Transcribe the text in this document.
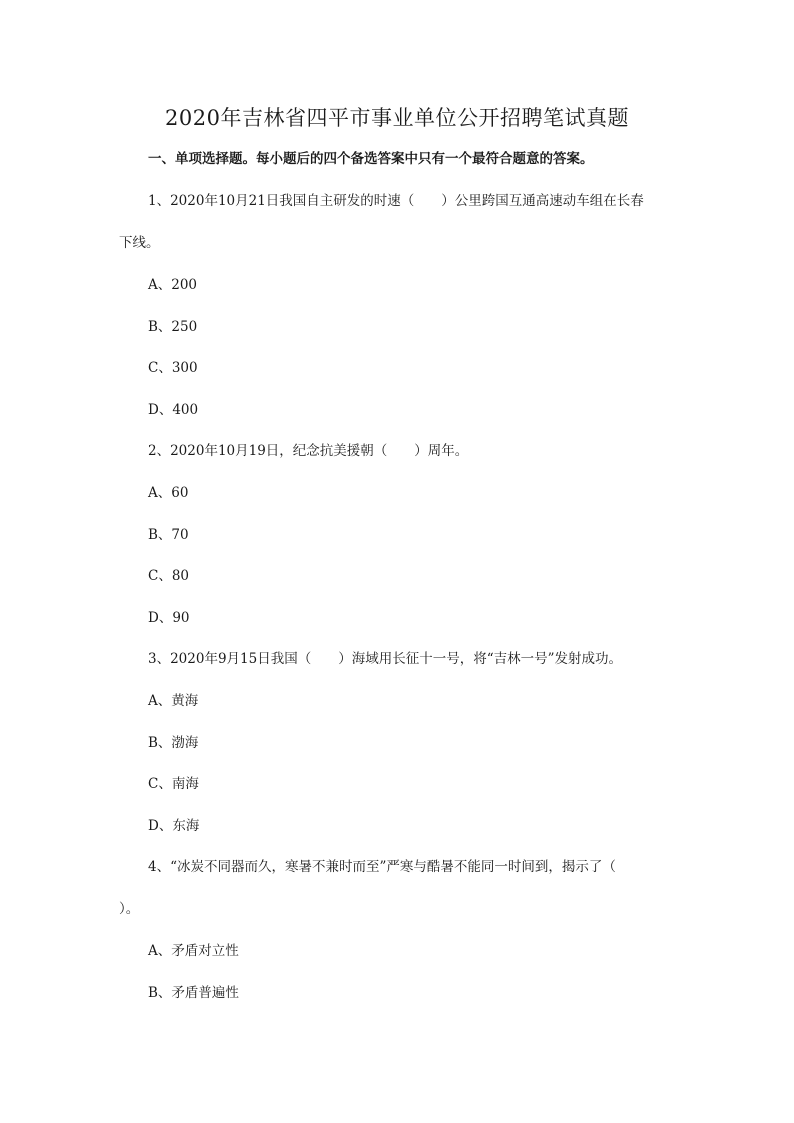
2020年吉林省四平市事业单位公开招聘笔试真题

一、单项选择题。每小题后的四个备选答案中只有一个最符合题意的答案。

1、2020年10月21日我国自主研发的时速（　　）公里跨国互通高速动车组在长春

下线。

A、200

B、250

C、300

D、400

2、2020年10月19日，纪念抗美援朝（　　）周年。

A、60

B、70

C、80

D、90

3、2020年9月15日我国（　　）海域用长征十一号，将“吉林一号”发射成功。

A、黄海

B、渤海

C、南海

D、东海

4、“冰炭不同器而久，寒暑不兼时而至”严寒与酷暑不能同一时间到，揭示了（

）。

A、矛盾对立性

B、矛盾普遍性
